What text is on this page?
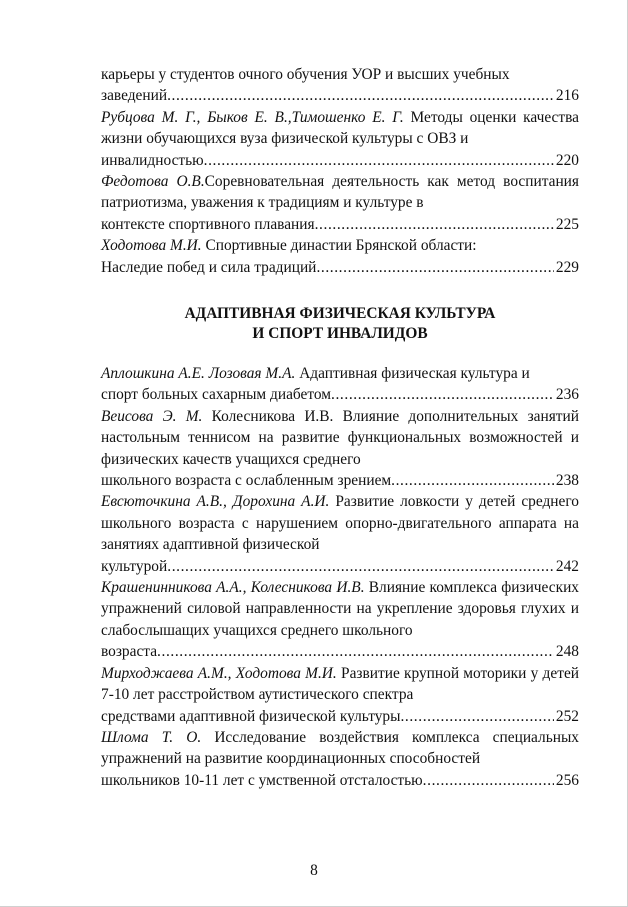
карьеры у студентов очного обучения УОР и высших учебных
заведений .....	216
Рубцова М. Г., Быков Е. В.,Тимошенко Е. Г. Методы оценки качества жизни обучающихся вуза физической культуры с ОВЗ и
инвалидностью .....	220
Федотова О.В.Соревновательная деятельность как метод воспитания патриотизма, уважения к традициям и культуре в
контексте спортивного плавания .....	225
Ходотова М.И. Спортивные династии Брянской области:
Наследие побед и сила традиций .....	229
АДАПТИВНАЯ ФИЗИЧЕСКАЯ КУЛЬТУРА
И СПОРТ ИНВАЛИДОВ
Аплошкина А.Е. Лозовая М.А. Адаптивная физическая культура и
спорт больных сахарным диабетом .....	236
Веисова Э. М. Колесникова И.В. Влияние дополнительных занятий настольным теннисом на развитие функциональных возможностей и физических качеств учащихся среднего
школьного возраста с ослабленным зрением .....	238
Евсюточкина А.В., Дорохина А.И. Развитие ловкости у детей среднего школьного возраста с нарушением опорно-двигательного аппарата на занятиях адаптивной физической
культурой .....	242
Крашенинникова А.А., Колесникова И.В. Влияние комплекса физических упражнений силовой направленности на укрепление здоровья глухих и слабослышащих учащихся среднего школьного
возраста .....	248
Мирходжаева А.М., Ходотова М.И. Развитие крупной моторики у детей 7-10 лет расстройством аутистического спектра
средствами адаптивной физической культуры .....	252
Шлома Т. О. Исследование воздействия комплекса специальных упражнений на развитие координационных способностей
школьников 10-11 лет с умственной отсталостью .....	256
8
